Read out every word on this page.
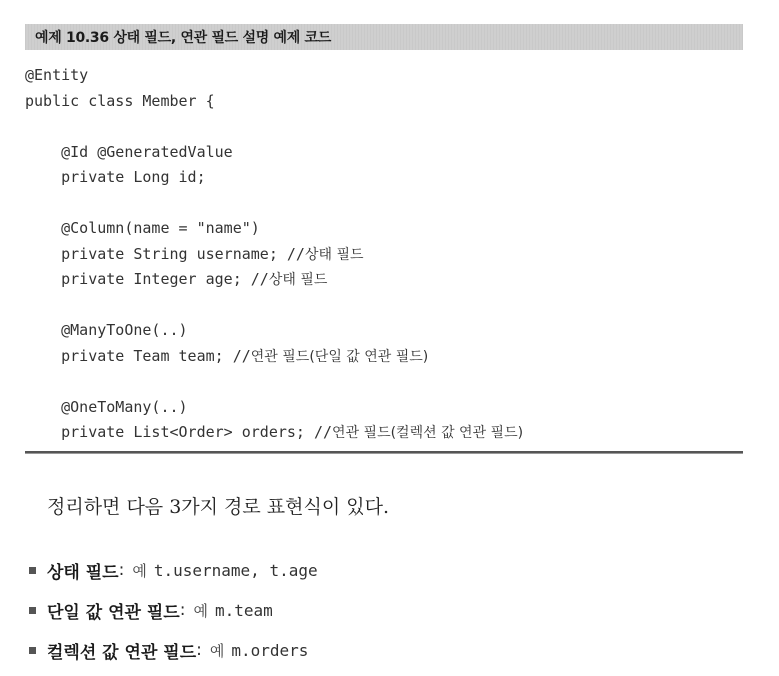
예제 10.36 상태 필드, 연관 필드 설명 예제 코드
@Entity
public class Member {
@Id @GeneratedValue
private Long id;
@Column(name = "name")
private String username; //상태 필드
private Integer age; //상태 필드
@ManyToOne(..)
private Team team; //연관 필드(단일 값 연관 필드)
@OneToMany(..)
private List<Order> orders; //연관 필드(컬렉션 값 연관 필드)
정리하면 다음 3가지 경로 표현식이 있다.
상태 필드 : 예 t.username, t.age
단일 값 연관 필드 : 예 m.team
컬렉션 값 연관 필드 : 예 m.orders
